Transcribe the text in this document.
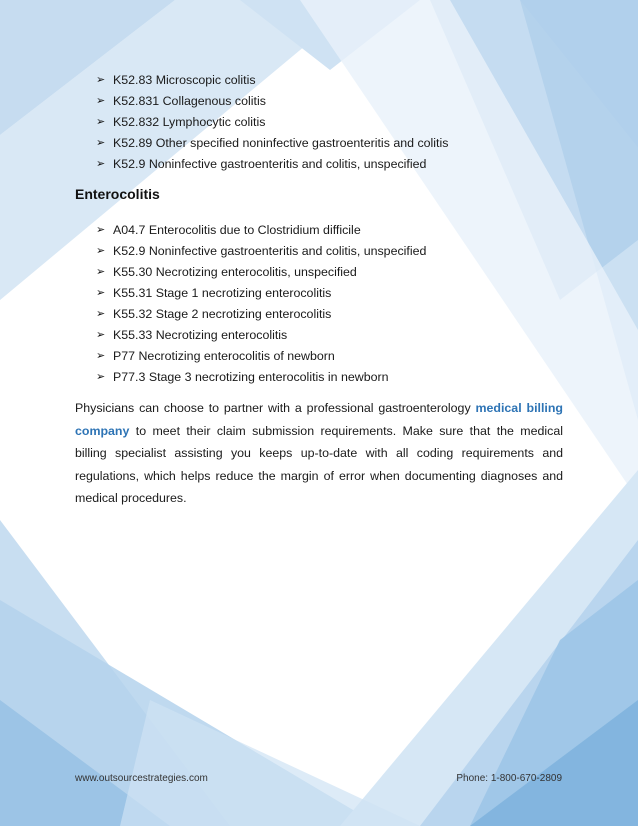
➢ K52.83 Microscopic colitis
➢ K52.831 Collagenous colitis
➢ K52.832 Lymphocytic colitis
➢ K52.89 Other specified noninfective gastroenteritis and colitis
➢ K52.9 Noninfective gastroenteritis and colitis, unspecified
Enterocolitis
➢ A04.7 Enterocolitis due to Clostridium difficile
➢ K52.9 Noninfective gastroenteritis and colitis, unspecified
➢ K55.30 Necrotizing enterocolitis, unspecified
➢ K55.31 Stage 1 necrotizing enterocolitis
➢ K55.32 Stage 2 necrotizing enterocolitis
➢ K55.33 Necrotizing enterocolitis
➢ P77 Necrotizing enterocolitis of newborn
➢ P77.3 Stage 3 necrotizing enterocolitis in newborn
Physicians can choose to partner with a professional gastroenterology medical billing company to meet their claim submission requirements. Make sure that the medical billing specialist assisting you keeps up-to-date with all coding requirements and regulations, which helps reduce the margin of error when documenting diagnoses and medical procedures.
www.outsourcestrategies.com	Phone: 1-800-670-2809
